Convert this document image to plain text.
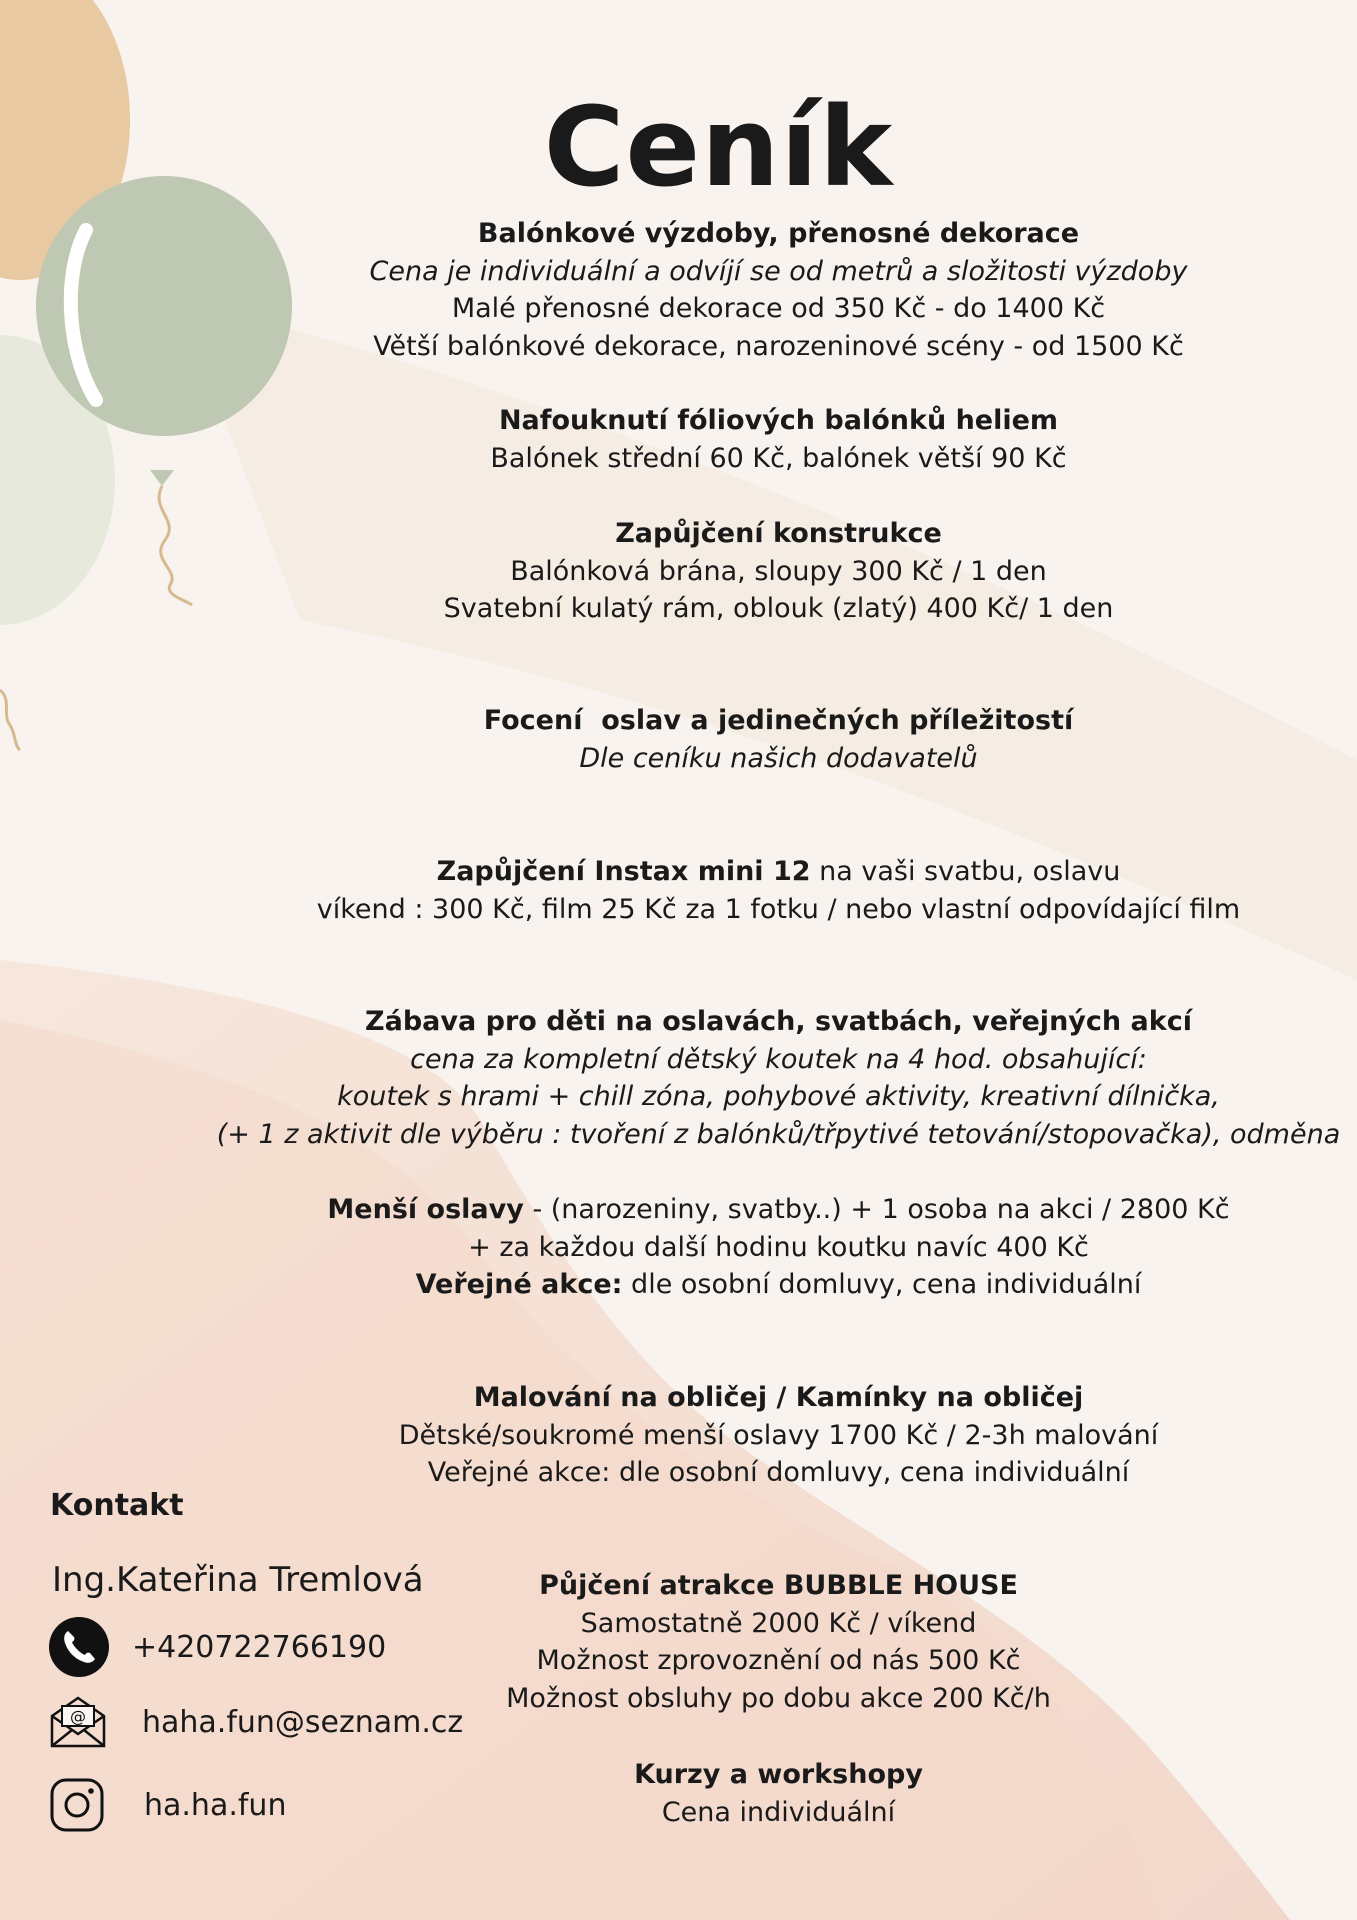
Ceník
Balónkové výzdoby, přenosné dekorace
Cena je individuální a odvíjí se od metrů a složitosti výzdoby
Malé přenosné dekorace od 350 Kč - do 1400 Kč
Větší balónkové dekorace, narozeninové scény - od 1500 Kč
Nafouknutí fóliových balónků heliem
Balónek střední 60 Kč, balónek větší 90 Kč
Zapůjčení konstrukce
Balónková brána, sloupy 300 Kč / 1 den
Svatební kulatý rám, oblouk (zlatý) 400 Kč/ 1 den
Focení  oslav a jedinečných příležitostí
Dle ceníku našich dodavatelů
Zapůjčení Instax mini 12 na vaši svatbu, oslavu
víkend : 300 Kč, film 25 Kč za 1 fotku / nebo vlastní odpovídající film
Zábava pro děti na oslavách, svatbách, veřejných akcí
cena za kompletní dětský koutek na 4 hod. obsahující:
koutek s hrami + chill zóna, pohybové aktivity, kreativní dílnička,
(+ 1 z aktivit dle výběru : tvoření z balónků/třpytivé tetování/stopovačka), odměna
Menší oslavy - (narozeniny, svatby..) + 1 osoba na akci / 2800 Kč
+ za každou další hodinu koutku navíc 400 Kč
Veřejné akce: dle osobní domluvy, cena individuální
Malování na obličej / Kamínky na obličej
Dětské/soukromé menší oslavy 1700 Kč / 2-3h malování
Veřejné akce: dle osobní domluvy, cena individuální
Půjčení atrakce BUBBLE HOUSE
Samostatně 2000 Kč / víkend
Možnost zprovoznění od nás 500 Kč
Možnost obsluhy po dobu akce 200 Kč/h
Kurzy a workshopy
Cena individuální
Kontakt
Ing.Kateřina Tremlová
+420722766190
@ haha.fun@seznam.cz
ha.ha.fun
